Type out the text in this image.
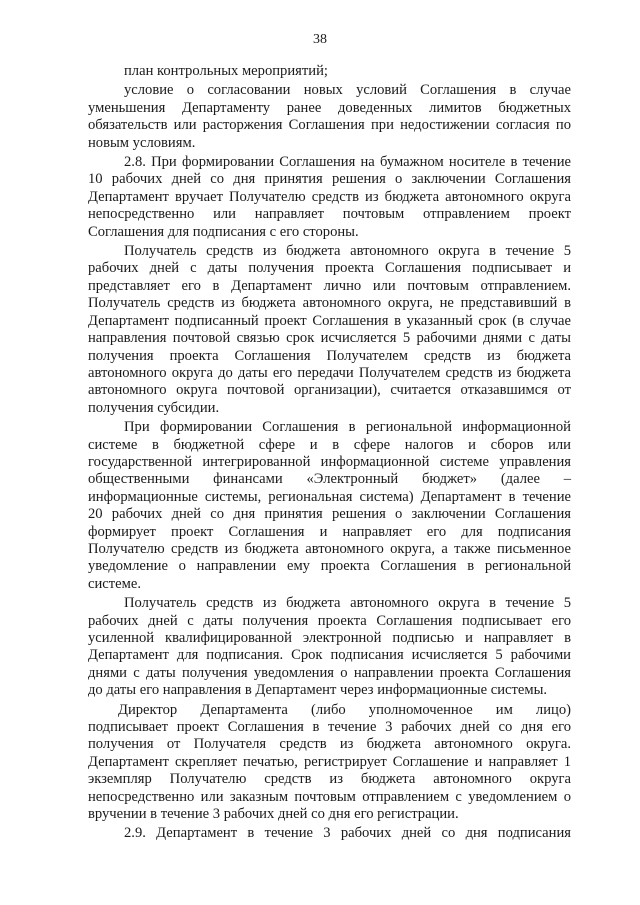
38
план контрольных мероприятий;
условие о согласовании новых условий Соглашения в случае
уменьшения Департаменту ранее доведенных лимитов бюджетных
обязательств или расторжения Соглашения при недостижении согласия по
новым условиям.
2.8. При формировании Соглашения на бумажном носителе в течение
10 рабочих дней со дня принятия решения о заключении Соглашения
Департамент вручает Получателю средств из бюджета автономного округа
непосредственно или направляет почтовым отправлением проект
Соглашения для подписания с его стороны.
Получатель средств из бюджета автономного округа в течение 5
рабочих дней с даты получения проекта Соглашения подписывает и
представляет его в Департамент лично или почтовым отправлением.
Получатель средств из бюджета автономного округа, не представивший в
Департамент подписанный проект Соглашения в указанный срок (в случае
направления почтовой связью срок исчисляется 5 рабочими днями с даты
получения проекта Соглашения Получателем средств из бюджета
автономного округа до даты его передачи Получателем средств из бюджета
автономного округа почтовой организации), считается отказавшимся от
получения субсидии.
При формировании Соглашения в региональной информационной
системе в бюджетной сфере и в сфере налогов и сборов или
государственной интегрированной информационной системе управления
общественными финансами «Электронный бюджет» (далее –
информационные системы, региональная система) Департамент в течение
20 рабочих дней со дня принятия решения о заключении Соглашения
формирует проект Соглашения и направляет его для подписания
Получателю средств из бюджета автономного округа, а также письменное
уведомление о направлении ему проекта Соглашения в региональной
системе.
Получатель средств из бюджета автономного округа в течение 5
рабочих дней с даты получения проекта Соглашения подписывает его
усиленной квалифицированной электронной подписью и направляет в
Департамент для подписания. Срок подписания исчисляется 5 рабочими
днями с даты получения уведомления о направлении проекта Соглашения
до даты его направления в Департамент через информационные системы.
Директор Департамента (либо уполномоченное им лицо)
подписывает проект Соглашения в течение 3 рабочих дней со дня его
получения от Получателя средств из бюджета автономного округа.
Департамент скрепляет печатью, регистрирует Соглашение и направляет 1
экземпляр Получателю средств из бюджета автономного округа
непосредственно или заказным почтовым отправлением с уведомлением о
вручении в течение 3 рабочих дней со дня его регистрации.
2.9. Департамент в течение 3 рабочих дней со дня подписания
